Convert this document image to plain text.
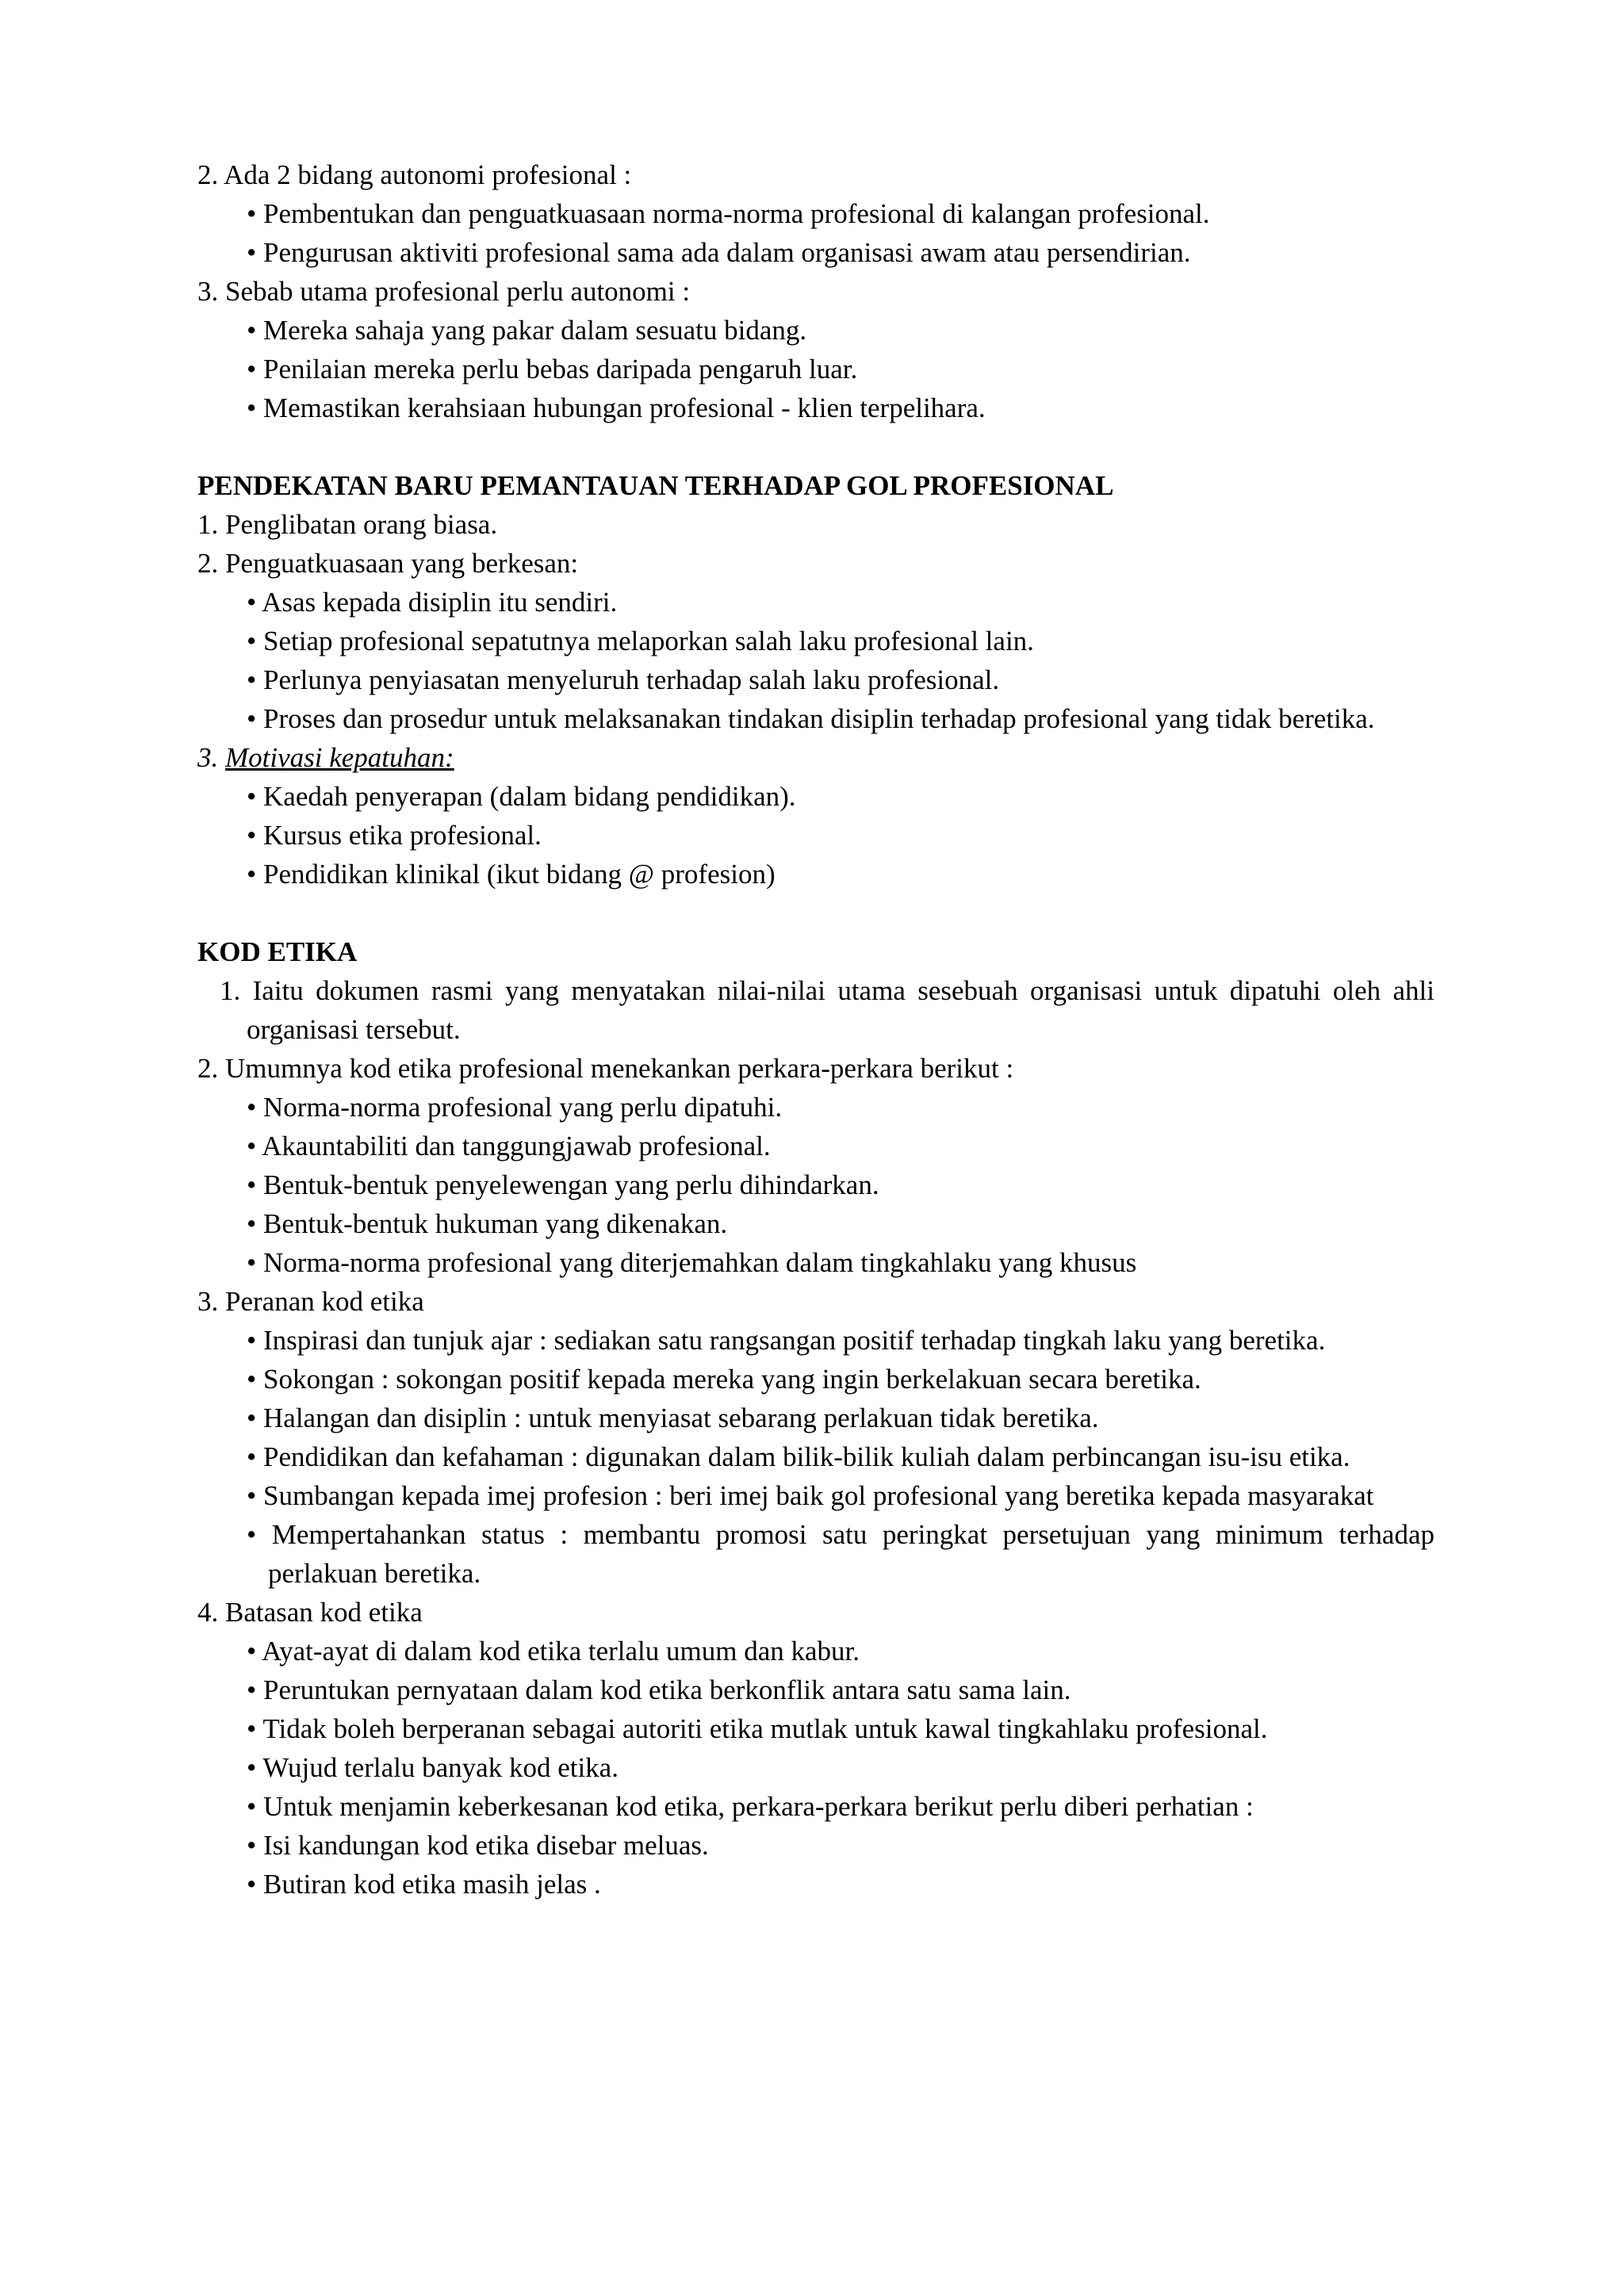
2. Ada 2 bidang autonomi profesional :
• Pembentukan dan penguatkuasaan norma-norma profesional di kalangan profesional.
• Pengurusan aktiviti profesional sama ada dalam organisasi awam atau persendirian.
3. Sebab utama profesional perlu autonomi :
• Mereka sahaja yang pakar dalam sesuatu bidang.
• Penilaian mereka perlu bebas daripada pengaruh luar.
• Memastikan kerahsiaan hubungan profesional - klien terpelihara.
PENDEKATAN BARU PEMANTAUAN TERHADAP GOL PROFESIONAL
1. Penglibatan orang biasa.
2. Penguatkuasaan yang berkesan:
• Asas kepada disiplin itu sendiri.
• Setiap profesional sepatutnya melaporkan salah laku profesional lain.
• Perlunya penyiasatan menyeluruh terhadap salah laku profesional.
• Proses dan prosedur untuk melaksanakan tindakan disiplin terhadap profesional yang tidak beretika.
3. Motivasi kepatuhan:
• Kaedah penyerapan (dalam bidang pendidikan).
• Kursus etika profesional.
• Pendidikan klinikal (ikut bidang @ profesion)
KOD ETIKA
1. Iaitu dokumen rasmi yang menyatakan nilai-nilai utama sesebuah organisasi untuk dipatuhi oleh ahli organisasi tersebut.
2. Umumnya kod etika profesional menekankan perkara-perkara berikut :
• Norma-norma profesional yang perlu dipatuhi.
• Akauntabiliti dan tanggungjawab profesional.
• Bentuk-bentuk penyelewengan yang perlu dihindarkan.
• Bentuk-bentuk hukuman yang dikenakan.
• Norma-norma profesional yang diterjemahkan dalam tingkahlaku yang khusus
3. Peranan kod etika
• Inspirasi dan tunjuk ajar : sediakan satu rangsangan positif terhadap tingkah laku yang beretika.
• Sokongan : sokongan positif kepada mereka yang ingin berkelakuan secara beretika.
• Halangan dan disiplin : untuk menyiasat sebarang perlakuan tidak beretika.
• Pendidikan dan kefahaman : digunakan dalam bilik-bilik kuliah dalam perbincangan isu-isu etika.
• Sumbangan kepada imej profesion : beri imej baik gol profesional yang beretika kepada masyarakat
• Mempertahankan status : membantu promosi satu peringkat persetujuan yang minimum terhadap perlakuan beretika.
4. Batasan kod etika
• Ayat-ayat di dalam kod etika terlalu umum dan kabur.
• Peruntukan pernyataan dalam kod etika berkonflik antara satu sama lain.
• Tidak boleh berperanan sebagai autoriti etika mutlak untuk kawal tingkahlaku profesional.
• Wujud terlalu banyak kod etika.
• Untuk menjamin keberkesanan kod etika, perkara-perkara berikut perlu diberi perhatian :
• Isi kandungan kod etika disebar meluas.
• Butiran kod etika masih jelas .
